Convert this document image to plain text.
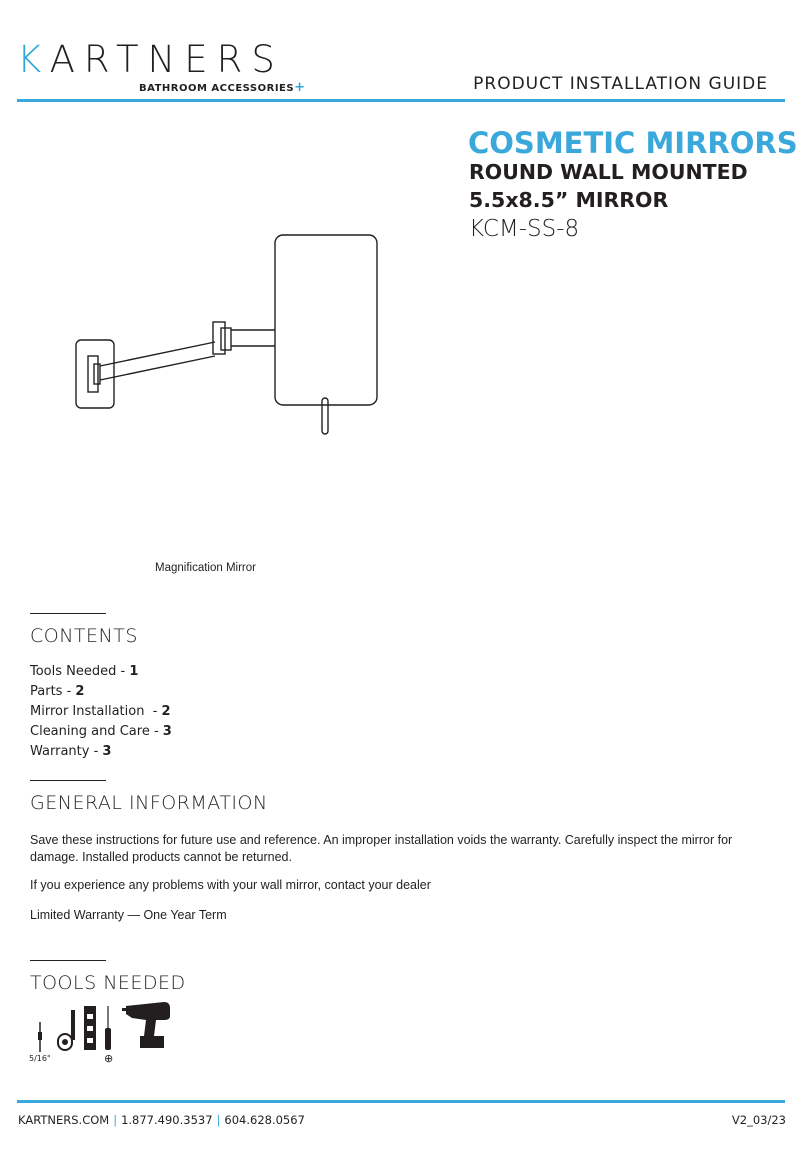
KARTNERS
BATHROOM ACCESSORIES+	PRODUCT INSTALLATION GUIDE
COSMETIC MIRRORS
ROUND WALL MOUNTED
5.5x8.5” MIRROR
KCM-SS-8
Magnification Mirror
CONTENTS
Tools Needed - 1
Parts - 2
Mirror Installation  - 2
Cleaning and Care - 3
Warranty - 3
GENERAL INFORMATION
Save these instructions for future use and reference. An improper installation voids the warranty. Carefully inspect the mirror for damage. Installed products cannot be returned.
If you experience any problems with your wall mirror, contact your dealer
Limited Warranty — One Year Term
TOOLS NEEDED
5/16"	⊕
KARTNERS.COM | 1.877.490.3537 | 604.628.0567	V2_03/23
